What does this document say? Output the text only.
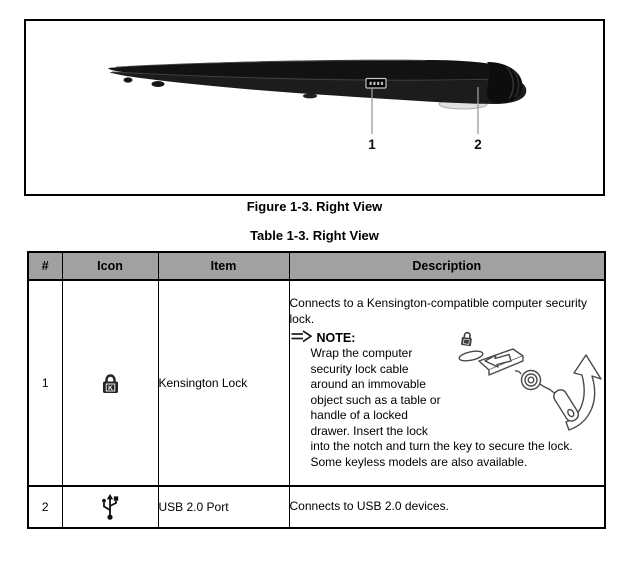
1	2
Figure 1-3. Right View
Table 1-3. Right View
#	Icon	Item	Description
1	K	Kensington Lock	Connects to a Kensington-compatible computer security lock.

NOTE:
Wrap the computer security lock cable around an immovable object such as a table or handle of a locked drawer. Insert the lock into the notch and turn the key to secure the lock. Some keyless models are also available.

2		USB 2.0 Port	Connects to USB 2.0 devices.
